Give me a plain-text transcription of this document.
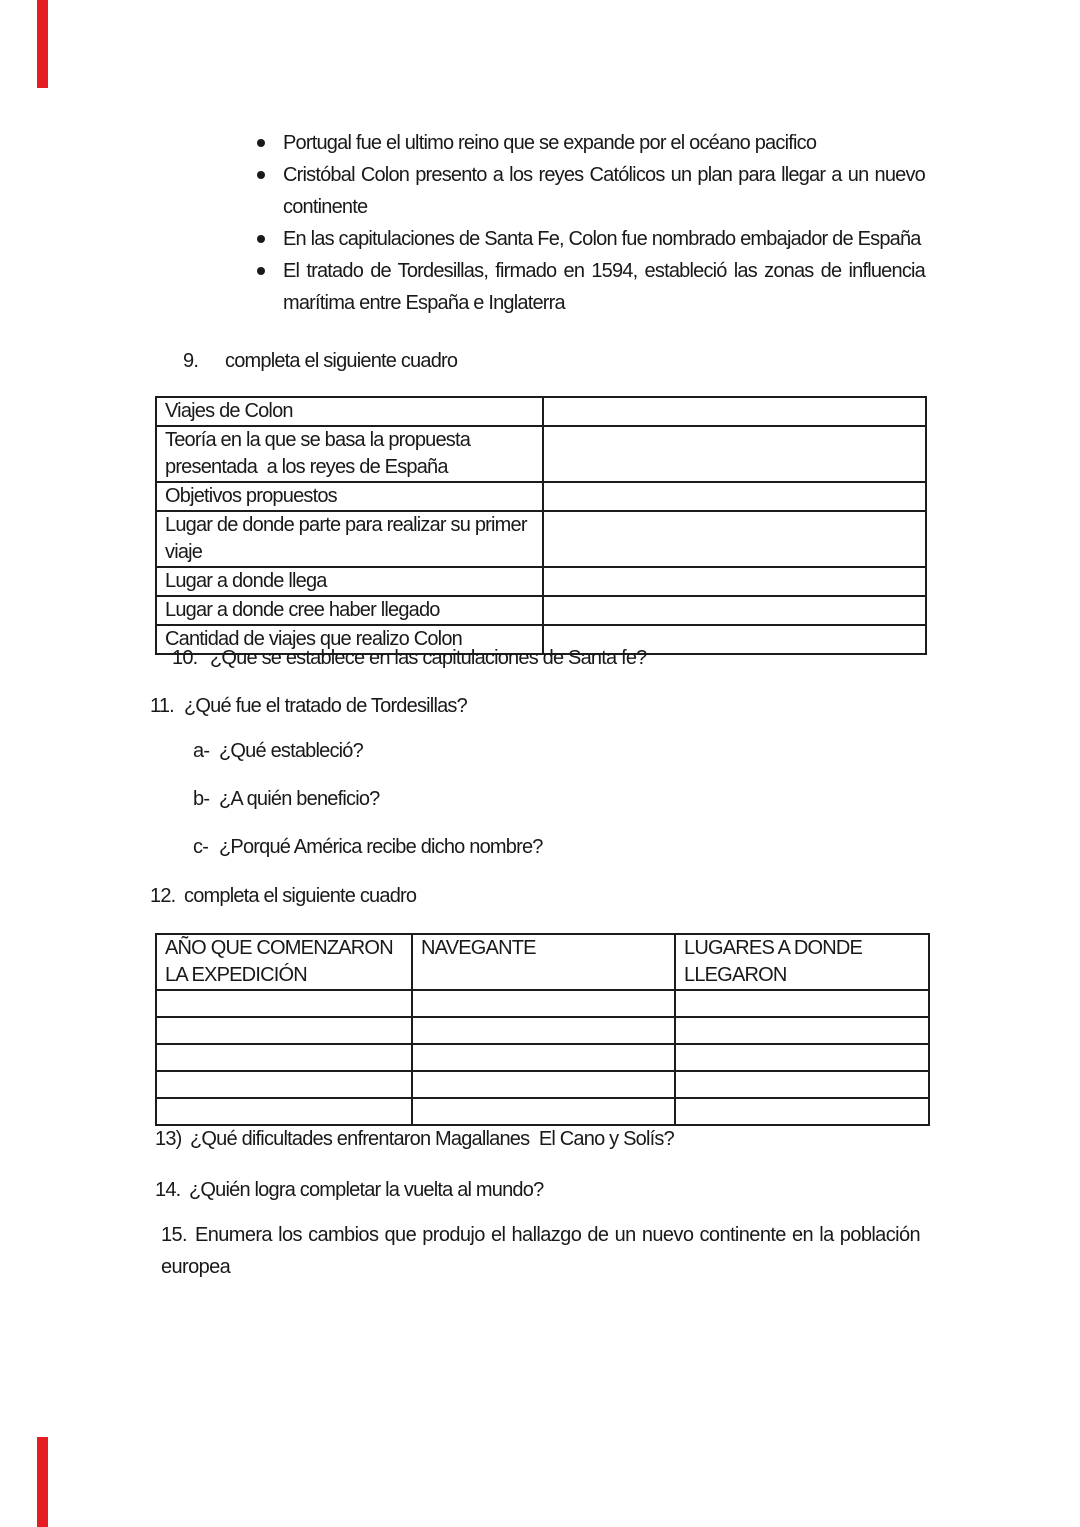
Portugal fue el ultimo reino que se expande por el océano pacifico
Cristóbal Colon presento a los reyes Católicos un plan para llegar a un nuevo continente
En las capitulaciones de Santa Fe, Colon fue nombrado embajador de España
El tratado de Tordesillas, firmado en 1594, estableció las zonas de influencia marítima entre España e Inglaterra
9. completa el siguiente cuadro
Viajes de Colon	
Teoría en la que se basa la propuesta presentada  a los reyes de España	
Objetivos propuestos	
Lugar de donde parte para realizar su primer viaje	
Lugar a donde llega	
Lugar a donde cree haber llegado	
Cantidad de viajes que realizo Colon	
10. ¿Que se establece en las capitulaciones de Santa fe?
11. ¿Qué fue el tratado de Tordesillas?
a- ¿Qué estableció?
b- ¿A quién beneficio?
c- ¿Porqué América recibe dicho nombre?
12. completa el siguiente cuadro
AÑO QUE COMENZARON LA EXPEDICIÓN	NAVEGANTE	LUGARES A DONDE LLEGARON

13) ¿Qué dificultades enfrentaron Magallanes  El Cano y Solís?
14. ¿Quién logra completar la vuelta al mundo?
15. Enumera los cambios que produjo el hallazgo de un nuevo continente en la población europea
